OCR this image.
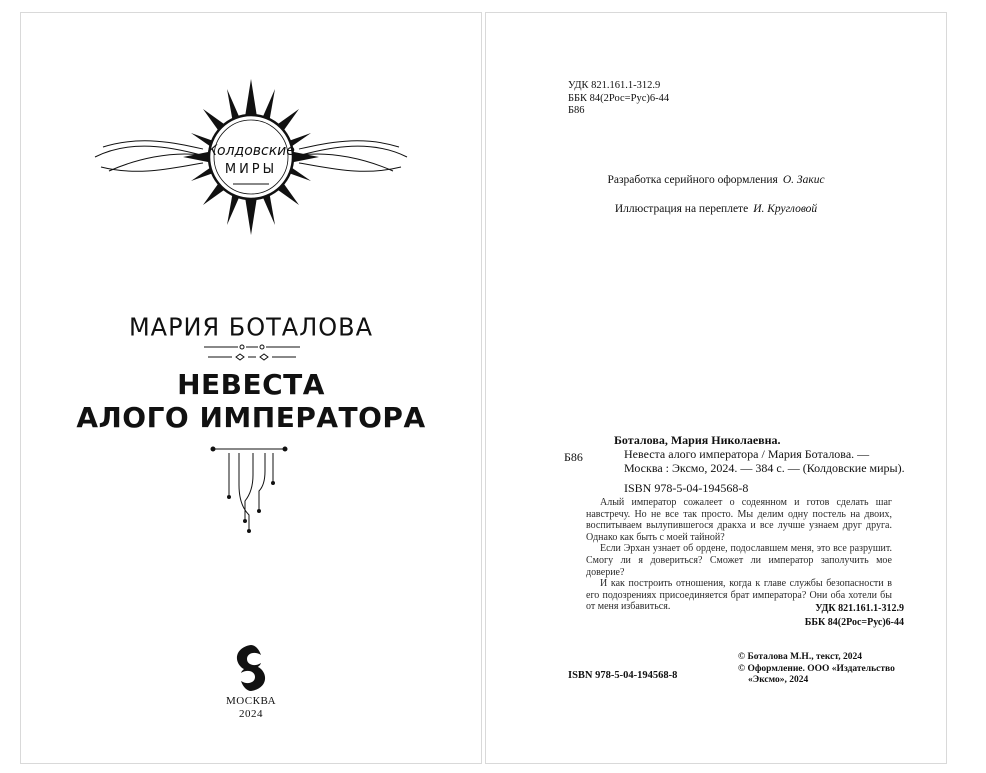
Колдовские
МИРЫ
МАРИЯ БОТАЛОВА
НЕВЕСТА
АЛОГО ИМПЕРАТОРА
МОСКВА
2024
УДК 821.161.1-312.9
ББК 84(2Рос=Рус)6-44
Б86
Разработка серийного оформления О. Закис
Иллюстрация на переплете И. Кругловой
Б86
Боталова, Мария Николаевна.
Невеста алого императора / Мария Боталова. —
Москва : Эксмо, 2024. — 384 с. — (Колдовские миры).
ISBN 978-5-04-194568-8

Алый император сожалеет о содеянном и готов сделать шаг навстречу. Но не все так просто. Мы делим одну постель на двоих, воспитываем вылупившегося дракха и все лучше узнаем друг друга. Однако как быть с моей тайной?

Если Эрхан узнает об ордене, подославшем меня, это все разрушит. Смогу ли я довериться? Сможет ли император заполучить мое доверие?

И как построить отношения, когда к главе службы безопасности в его подозрениях присоединяется брат императора? Они оба хотели бы от меня избавиться.	УДК 821.161.1-312.9
ББК 84(2Рос=Рус)6-44
ISBN 978-5-04-194568-8
© Боталова М.Н., текст, 2024
© Оформление. ООО «Издательство
«Эксмо», 2024
